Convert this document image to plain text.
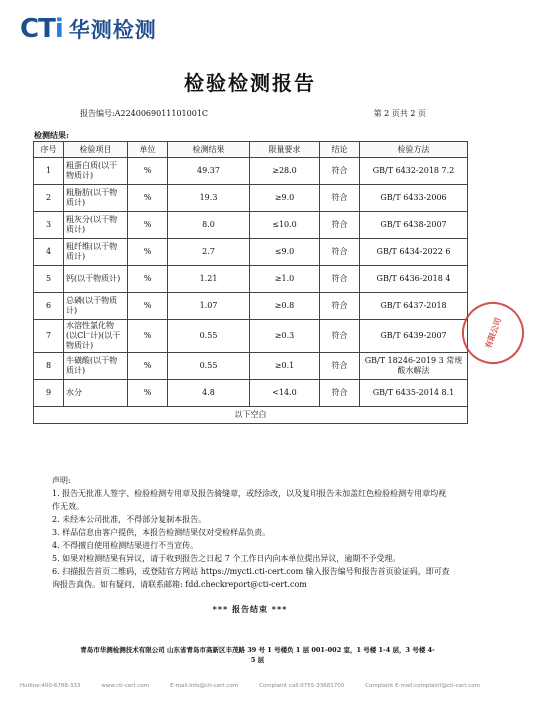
CTi 华测检测
检验检测报告
报告编号:A2240069011101001C	第 2 页共 2 页
检测结果:
序号	检验项目	单位	检测结果	限量要求	结论	检验方法
1	粗蛋白质(以干物质计)	%	49.37	≥28.0	符合	GB/T 6432-2018 7.2
2	粗脂肪(以干物质计)	%	19.3	≥9.0	符合	GB/T 6433-2006
3	粗灰分(以干物质计)	%	8.0	≤10.0	符合	GB/T 6438-2007
4	粗纤维(以干物质计)	%	2.7	≤9.0	符合	GB/T 6434-2022 6
5	钙(以干物质计)	%	1.21	≥1.0	符合	GB/T 6436-2018 4
6	总磷(以干物质计)	%	1.07	≥0.8	符合	GB/T 6437-2018
7	水溶性氯化物(以Cl⁻计)(以干物质计)	%	0.55	≥0.3	符合	GB/T 6439-2007
8	牛磺酸(以干物质计)	%	0.55	≥0.1	符合	GB/T 18246-2019 3 常规酸水解法
9	水分	%	4.8	<14.0	符合	GB/T 6435-2014 8.1
以下空白						
有限公司

声明:

1. 报告无批准人签字、检验检测专用章及报告骑缝章，或经涂改，以及复印报告未加盖红色检验检测专用章均视作无效。

2. 未经本公司批准，不得部分复制本报告。

3. 样品信息由客户提供，本报告检测结果仅对受检样品负责。

4. 不得擅自使用检测结果进行不当宣传。

5. 如果对检测结果有异议，请于收到报告之日起 7 个工作日内向本单位提出异议，逾期不予受理。

6. 扫描报告首页二维码，或登陆官方网站 https://mycti.cti-cert.com 输入报告编号和报告首页验证码，即可查询报告真伪。如有疑问，请联系邮箱: fdd.checkreport@cti-cert.com

*** 报告结束 ***
青岛市华测检测技术有限公司 山东省青岛市高新区丰茂路 39 号 1 号楼负 1 层 001-002 室，1 号楼 1-4 层，3 号楼 4-5 层
Hotline:400-6788-333	www.cti-cert.com	E-mail:info@cti-cert.com	Complaint call:0755-33681700	Complaint E-mail:complaint@cti-cert.com
